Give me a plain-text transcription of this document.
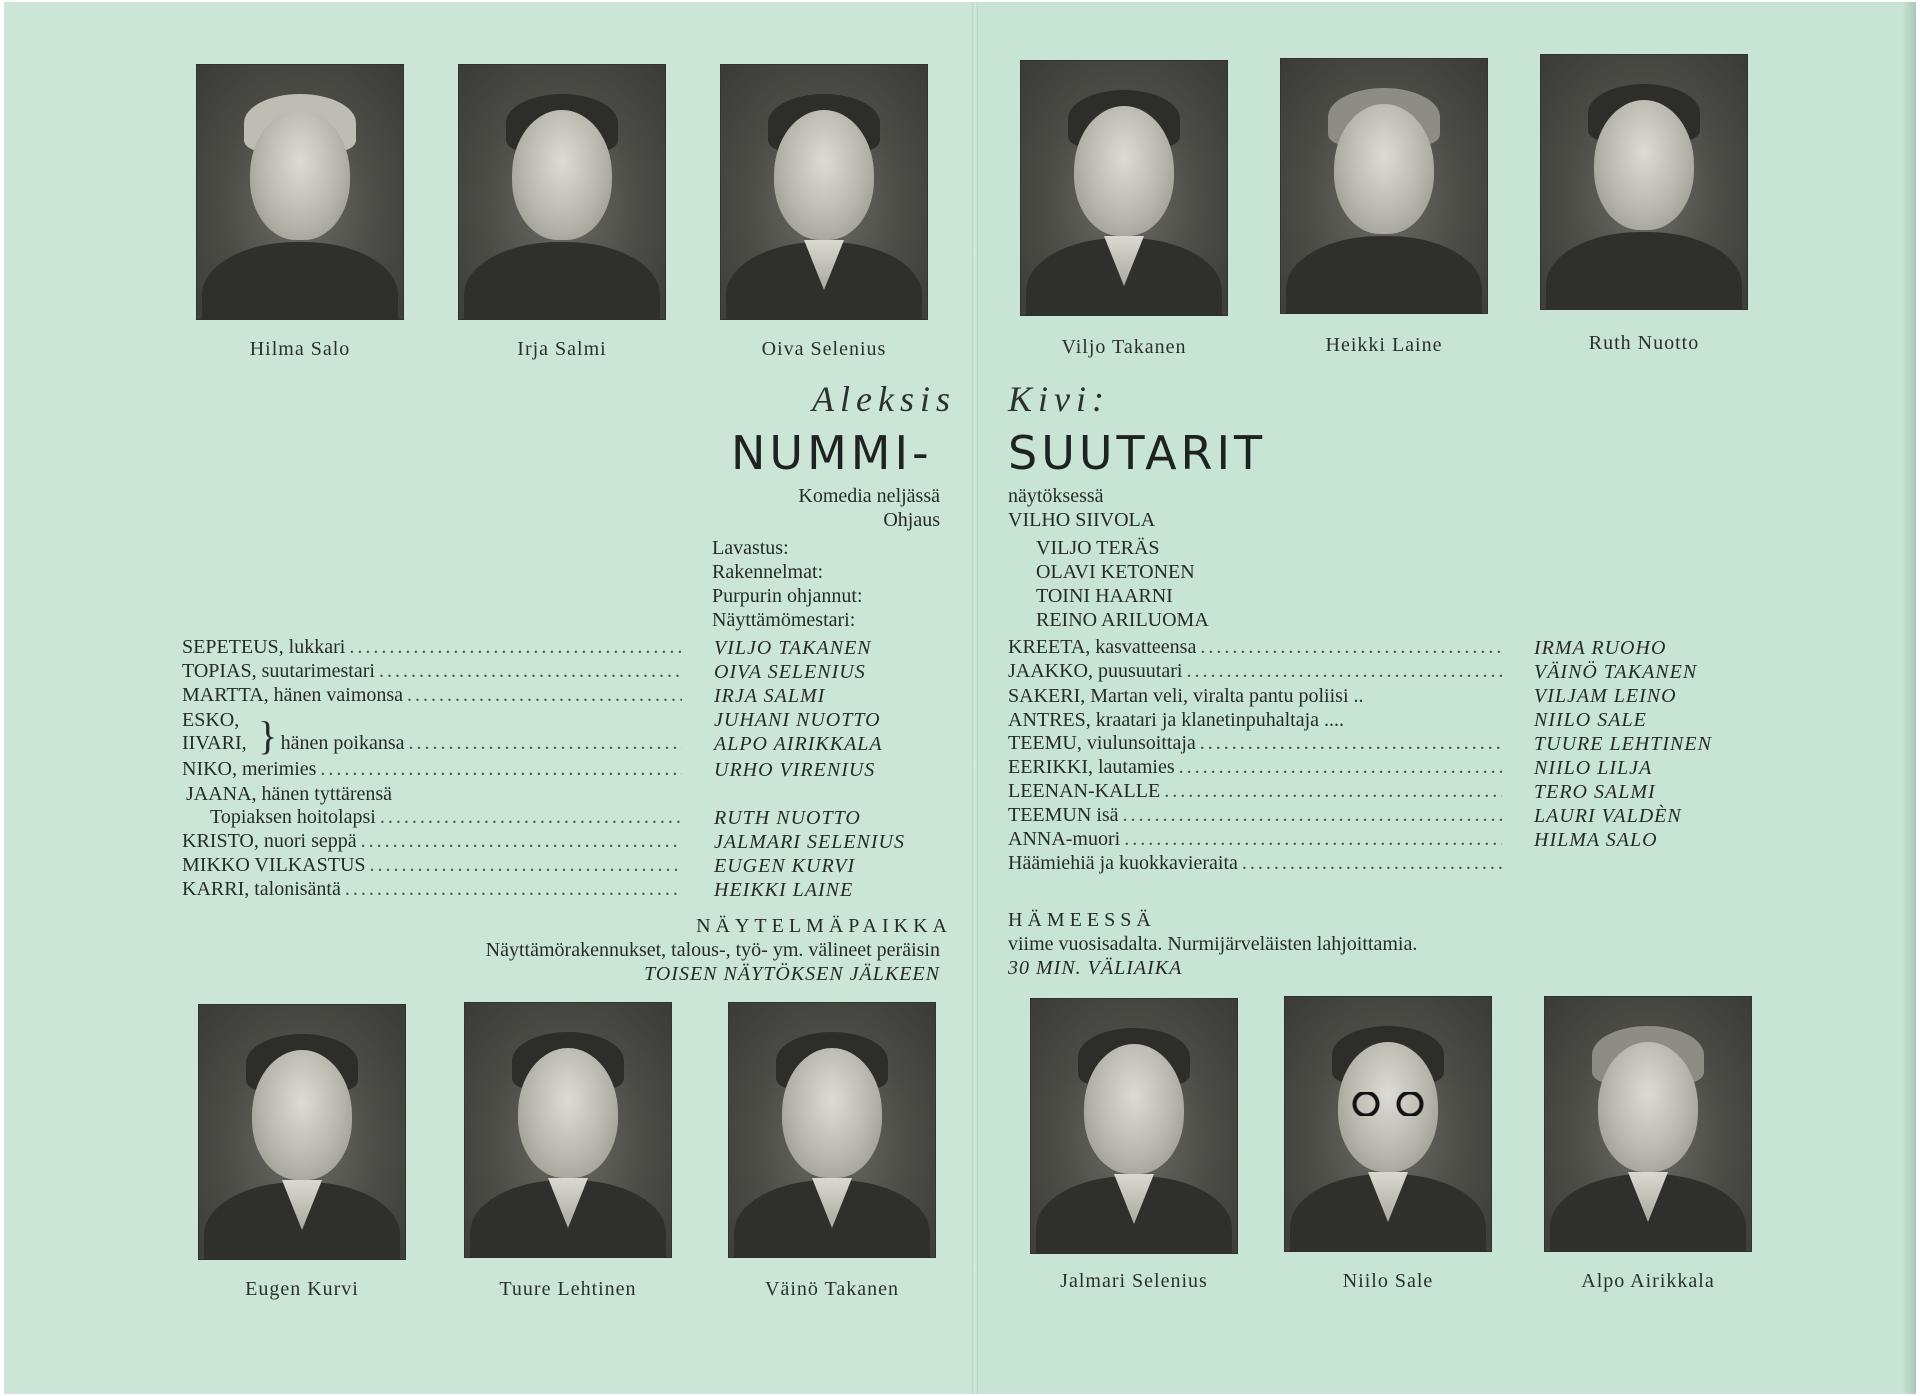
Hilma Salo	Irja Salmi	Oiva Selenius	Viljo Takanen	Heikki Laine	Ruth Nuotto
Aleksis Kivi:
NUMMI- SUUTARIT
Komedia neljässä	näytöksessä
Ohjaus	VILHO SIIVOLA
Lavastus:	VILJO TERÄS
Rakennelmat:	OLAVI KETONEN
Purpurin ohjannut:	TOINI HAARNI
Näyttämömestari:	REINO ARILUOMA
SEPETEUS, lukkari .....	VILJO TAKANEN
TOPIAS, suutarimestari .....	OIVA SELENIUS
MARTTA, hänen vaimonsa .....	IRJA SALMI
ESKO,	JUHANI NUOTTO
}
IIVARI,	hänen poikansa .....	ALPO AIRIKKALA
NIKO, merimies .....	URHO VIRENIUS
JAANA, hänen tyttärensä
Topiaksen hoitolapsi .....	RUTH NUOTTO
KRISTO, nuori seppä .....	JALMARI SELENIUS
MIKKO VILKASTUS .....	EUGEN KURVI
KARRI, talonisäntä .....	HEIKKI LAINE
KREETA, kasvatteensa .....	IRMA RUOHO
JAAKKO, puusuutari .....	VÄINÖ TAKANEN
SAKERI, Martan veli, viralta pantu poliisi ..	VILJAM LEINO
ANTRES, kraatari ja klanetinpuhaltaja ....	NIILO SALE
TEEMU, viulunsoittaja .....	TUURE LEHTINEN
EERIKKI, lautamies .....	NIILO LILJA
LEENAN-KALLE .....	TERO SALMI
TEEMUN isä .....	LAURI VALDÈN
ANNA-muori .....	HILMA SALO
Häämiehiä ja kuokkavieraita
.....
NÄYTELMÄPAIKKA	HÄMEESSÄ
Näyttämörakennukset, talous-, työ- ym. välineet peräisin	viime vuosisadalta. Nurmijärveläisten lahjoittamia.
TOISEN NÄYTÖKSEN JÄLKEEN	30 MIN. VÄLIAIKA
Eugen Kurvi	Tuure Lehtinen	Väinö Takanen	Jalmari Selenius	Niilo Sale	Alpo Airikkala
